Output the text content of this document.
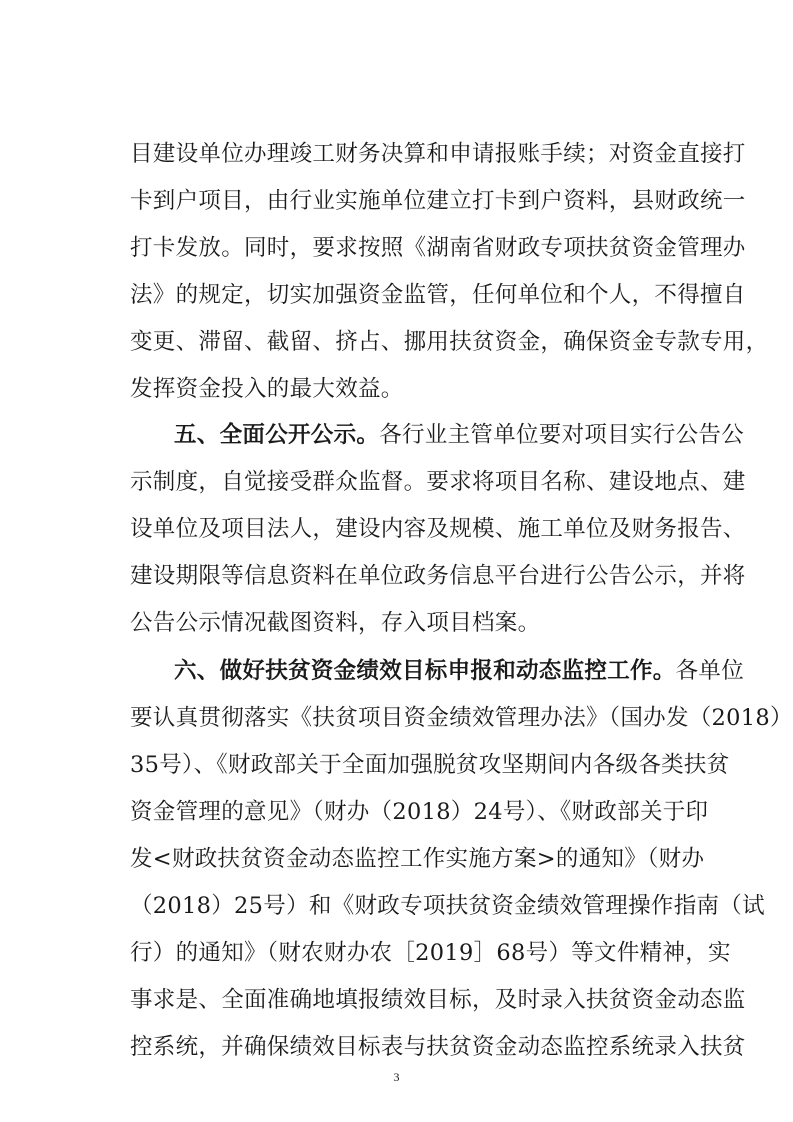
目建设单位办理竣工财务决算和申请报账手续；对资金直接打
卡到户项目，由行业实施单位建立打卡到户资料，县财政统一
打卡发放。同时，要求按照《湖南省财政专项扶贫资金管理办
法》的规定，切实加强资金监管，任何单位和个人，不得擅自
变更、滞留、截留、挤占、挪用扶贫资金，确保资金专款专用，
发挥资金投入的最大效益。
五、全面公开公示。各行业主管单位要对项目实行公告公
示制度，自觉接受群众监督。要求将项目名称、建设地点、建
设单位及项目法人，建设内容及规模、施工单位及财务报告、
建设期限等信息资料在单位政务信息平台进行公告公示，并将
公告公示情况截图资料，存入项目档案。
六、做好扶贫资金绩效目标申报和动态监控工作。各单位
要认真贯彻落实《扶贫项目资金绩效管理办法》（国办发（2018）
35号）、《财政部关于全面加强脱贫攻坚期间内各级各类扶贫
资金管理的意见》（财办（2018）24号）、《财政部关于印
发<财政扶贫资金动态监控工作实施方案>的通知》（财办
（2018）25号）和《财政专项扶贫资金绩效管理操作指南（试
行）的通知》（财农财办农［2019］68号）等文件精神，实
事求是、全面准确地填报绩效目标，及时录入扶贫资金动态监
控系统，并确保绩效目标表与扶贫资金动态监控系统录入扶贫
3
